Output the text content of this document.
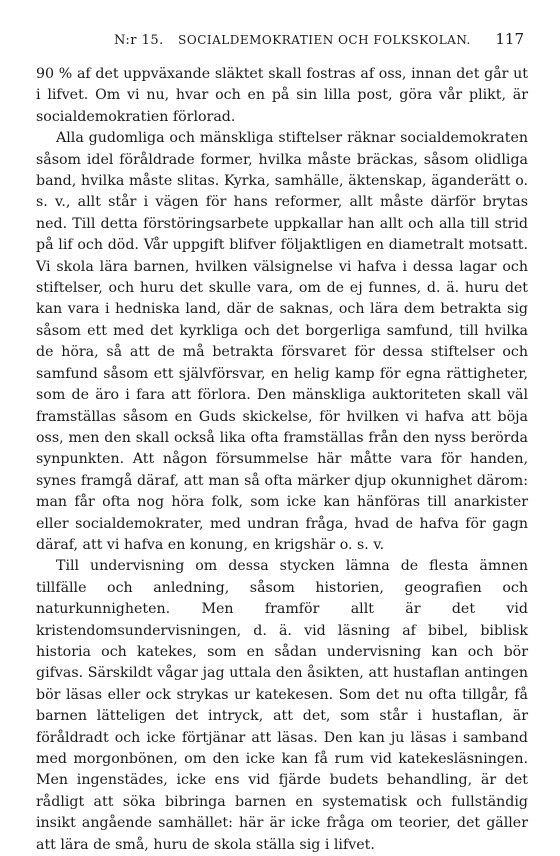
N:r 15. SOCIALDEMOKRATIEN OCH FOLKSKOLAN. 117

90 % af det uppväxande släktet skall fostras af oss, innan det går ut i lifvet. Om vi nu, hvar och en på sin lilla post, göra vår plikt, är socialdemokratien förlorad.

Alla gudomliga och mänskliga stiftelser räknar socialdemokraten såsom idel föråldrade former, hvilka måste bräckas, såsom olidliga band, hvilka måste slitas. Kyrka, samhälle, äktenskap, äganderätt o. s. v., allt står i vägen för hans reformer, allt måste därför brytas ned. Till detta förstöringsarbete uppkallar han allt och alla till strid på lif och död. Vår uppgift blifver följaktligen en diametralt motsatt. Vi skola lära barnen, hvilken välsignelse vi hafva i dessa lagar och stiftelser, och huru det skulle vara, om de ej funnes, d. ä. huru det kan vara i hedniska land, där de saknas, och lära dem betrakta sig såsom ett med det kyrkliga och det borgerliga samfund, till hvilka de höra, så att de må betrakta försvaret för dessa stiftelser och samfund såsom ett självförsvar, en helig kamp för egna rättigheter, som de äro i fara att förlora. Den mänskliga auktoriteten skall väl framställas såsom en Guds skickelse, för hvilken vi hafva att böja oss, men den skall också lika ofta framställas från den nyss berörda synpunkten. Att någon försummelse här måtte vara för handen, synes framgå däraf, att man så ofta märker djup okunnighet därom: man får ofta nog höra folk, som icke kan hänföras till anarkister eller socialdemokrater, med undran fråga, hvad de hafva för gagn däraf, att vi hafva en konung, en krigshär o. s. v.

Till undervisning om dessa stycken lämna de flesta ämnen tillfälle och anledning, såsom historien, geografien och naturkunnigheten. Men framför allt är det vid kristendomsundervisningen, d. ä. vid läsning af bibel, biblisk historia och katekes, som en sådan undervisning kan och bör gifvas. Särskildt vågar jag uttala den åsikten, att hustaflan antingen bör läsas eller ock strykas ur katekesen. Som det nu ofta tillgår, få barnen lätteligen det intryck, att det, som står i hustaflan, är föråldradt och icke förtjänar att läsas. Den kan ju läsas i samband med morgonbönen, om den icke kan få rum vid katekesläsningen. Men ingenstädes, icke ens vid fjärde budets behandling, är det rådligt att söka bibringa barnen en systematisk och fullständig insikt angående samhället: här är icke fråga om teorier, det gäller att lära de små, huru de skola ställa sig i lifvet.
